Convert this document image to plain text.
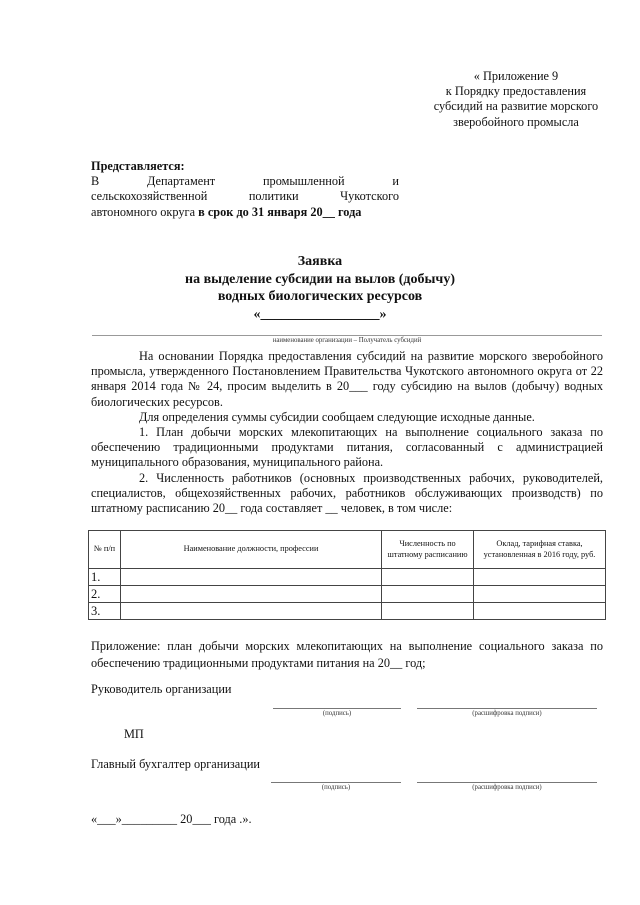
« Приложение 9
к Порядку предоставления
субсидий на развитие морского
зверобойного промысла
Представляется:
В	Департамент	промышленной	и
сельскохозяйственной	политики	Чукотского
автономного округа в срок до 31 января 20__ года
Заявка
на выделение субсидии на вылов (добычу)
водных биологических ресурсов
«_________________»
наименование организации – Получатель субсидий

На основании Порядка предоставления субсидий на развитие морского зверобойного промысла, утвержденного Постановлением Правительства Чукотского автономного округа от 22 января 2014 года № 24, просим выделить в 20___ году субсидию на вылов (добычу) водных биологических ресурсов.

Для определения суммы субсидии сообщаем следующие исходные данные.

1. План добычи морских млекопитающих на выполнение социального заказа по обеспечению традиционными продуктами питания, согласованный с администрацией муниципального образования, муниципального района.

2. Численность работников (основных производственных рабочих, руководителей, специалистов, общехозяйственных рабочих, работников обслуживающих производств) по штатному расписанию 20__ года составляет __ человек, в том числе:

№ п/п	Наименование должности, профессии	Численность по штатному расписанию	Оклад, тарифная ставка, установленная в 2016 году, руб.
1.			
2.			
3.			
Приложение: план добычи морских млекопитающих на выполнение социального заказа по
обеспечению традиционными продуктами питания на 20__ год;
Руководитель организации
(подпись)	(расшифровка подписи)
МП
Главный бухгалтер организации
(подпись)	(расшифровка подписи)
«___»_________ 20___ года .».
